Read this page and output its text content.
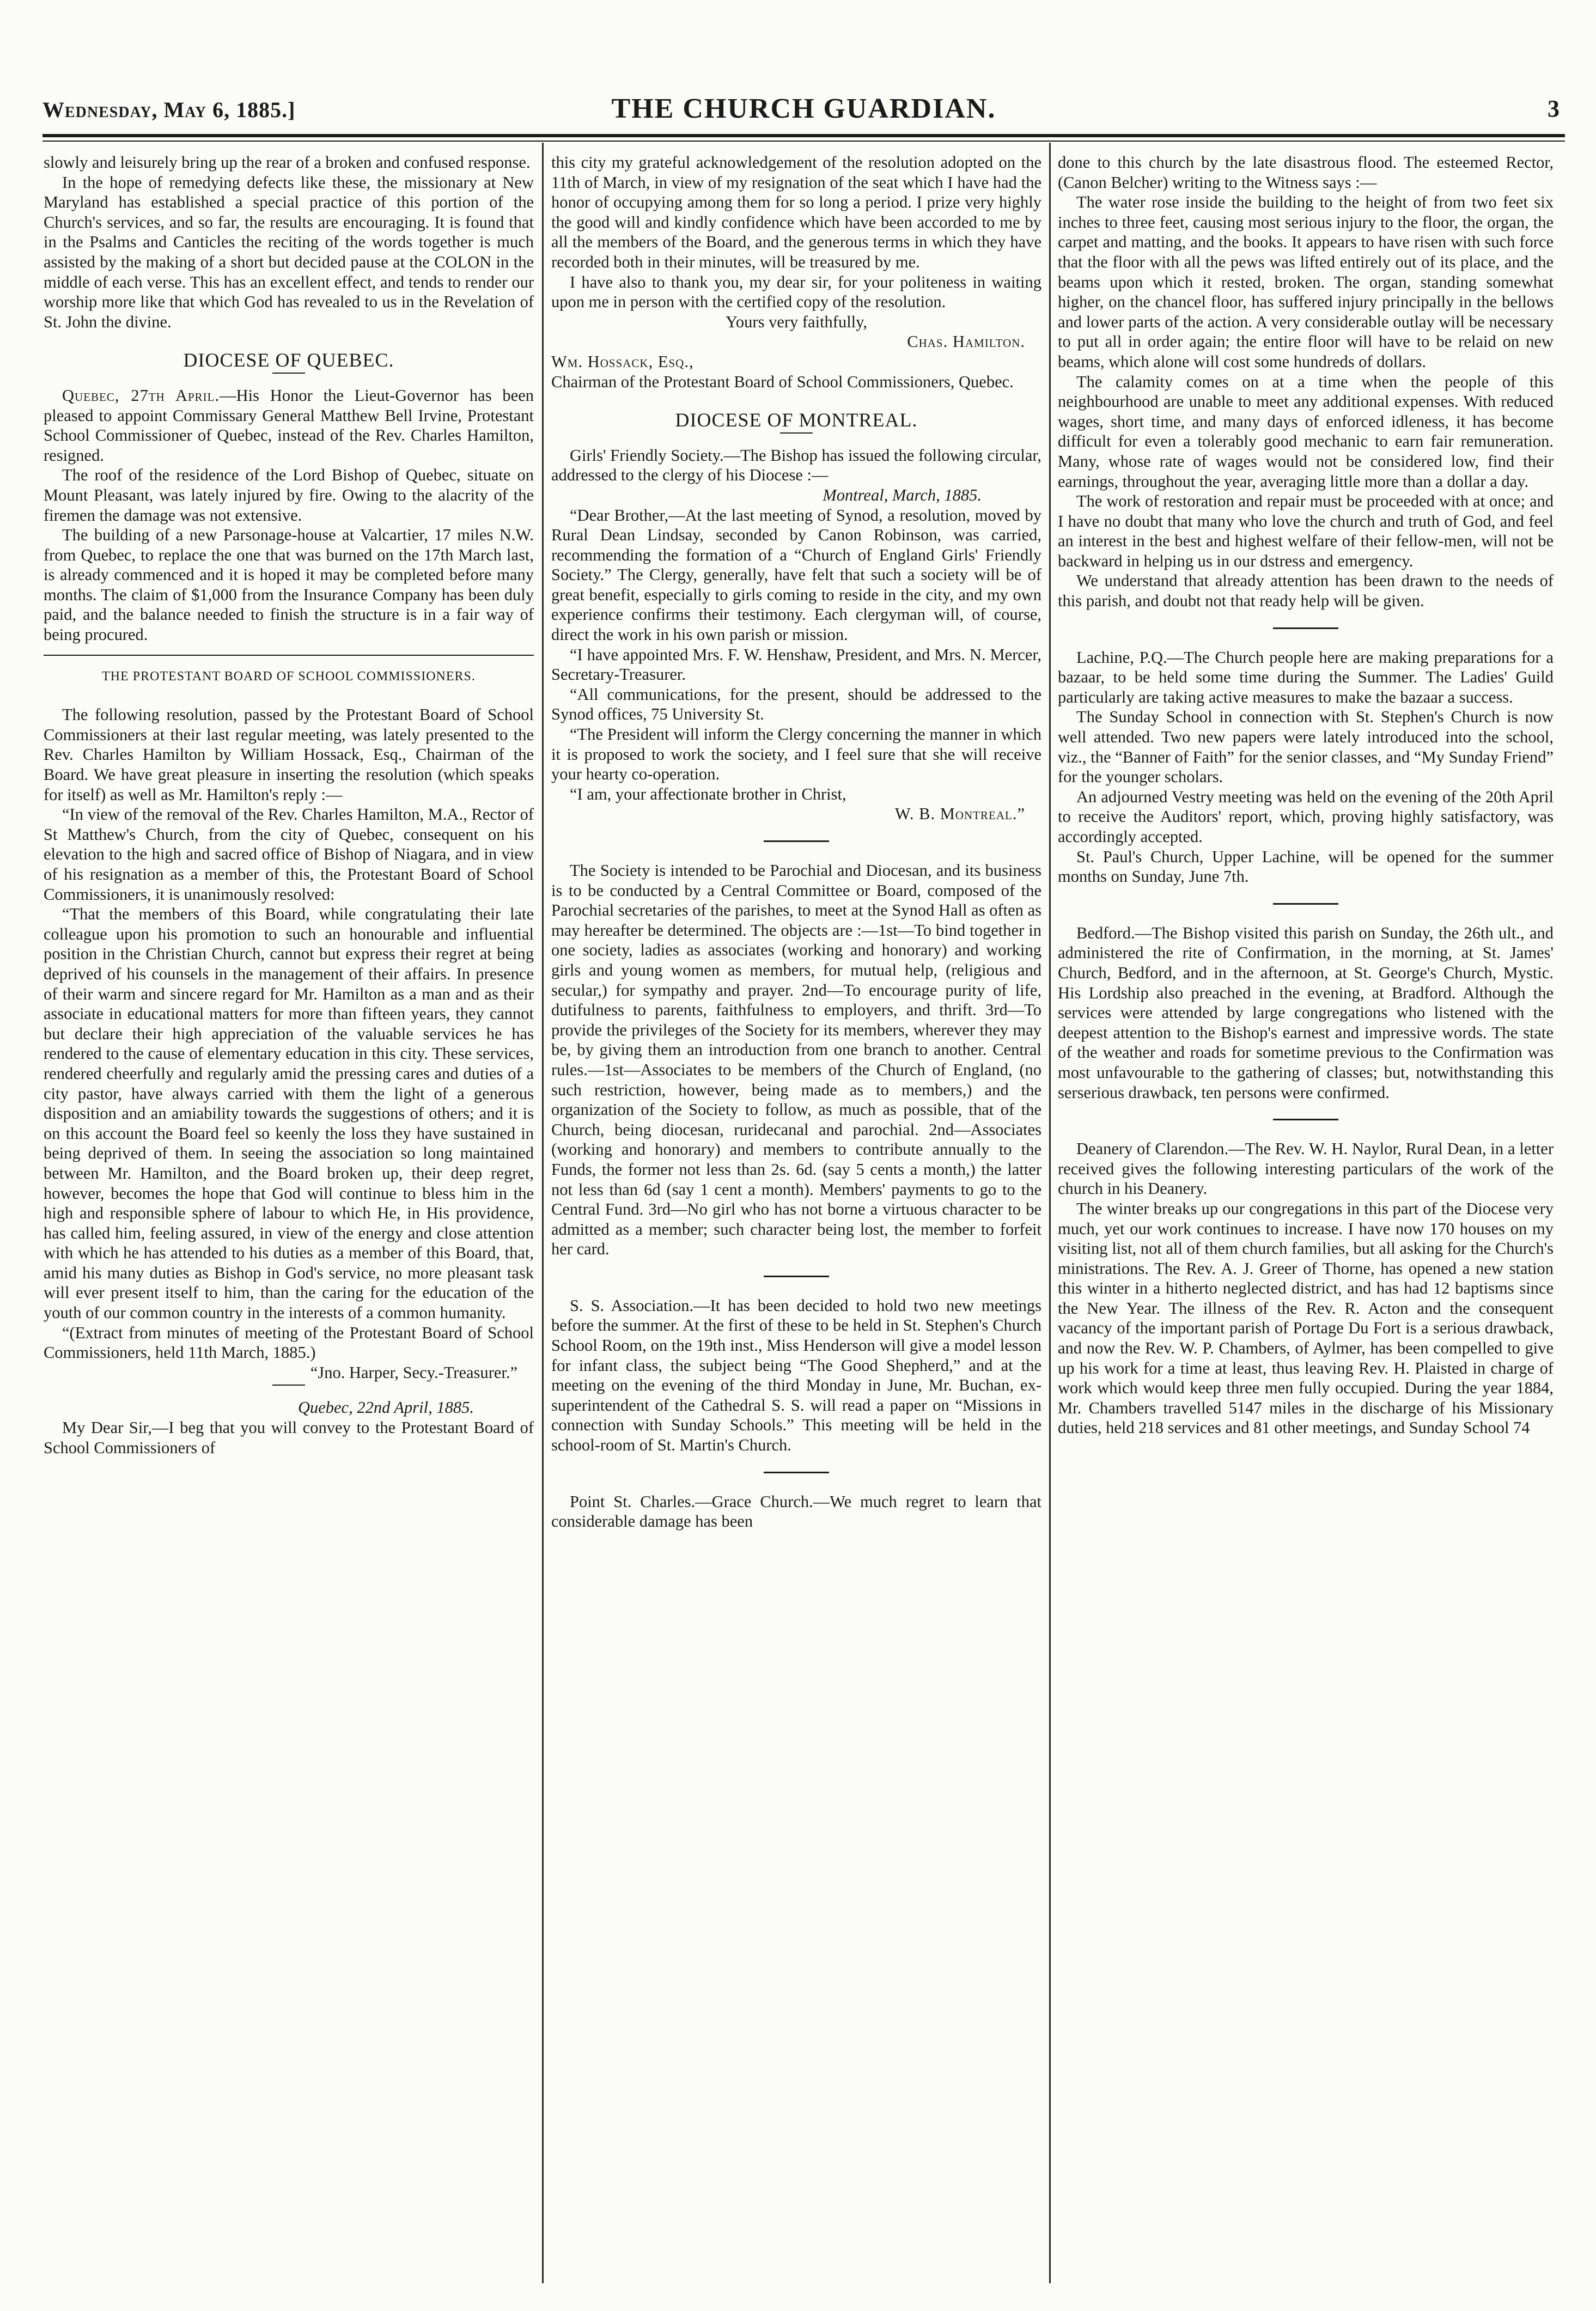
Wednesday, May 6, 1885.]	THE CHURCH GUARDIAN.	3

slowly and leisurely bring up the rear of a broken and confused response.

In the hope of remedying defects like these, the missionary at New Maryland has established a special practice of this portion of the Church's services, and so far, the results are encouraging. It is found that in the Psalms and Canticles the reciting of the words together is much assisted by the making of a short but decided pause at the COLON in the middle of each verse. This has an excellent effect, and tends to render our worship more like that which God has revealed to us in the Revelation of St. John the divine.

DIOCESE OF QUEBEC.

Quebec, 27th April.—His Honor the Lieut-Governor has been pleased to appoint Commissary General Matthew Bell Irvine, Protestant School Commissioner of Quebec, instead of the Rev. Charles Hamilton, resigned.

The roof of the residence of the Lord Bishop of Quebec, situate on Mount Pleasant, was lately injured by fire. Owing to the alacrity of the firemen the damage was not extensive.

The building of a new Parsonage-house at Valcartier, 17 miles N.W. from Quebec, to replace the one that was burned on the 17th March last, is already commenced and it is hoped it may be completed before many months. The claim of $1,000 from the Insurance Company has been duly paid, and the balance needed to finish the structure is in a fair way of being procured.

THE PROTESTANT BOARD OF SCHOOL COMMISSIONERS.

The following resolution, passed by the Protestant Board of School Commissioners at their last regular meeting, was lately presented to the Rev. Charles Hamilton by William Hossack, Esq., Chairman of the Board. We have great pleasure in inserting the resolution (which speaks for itself) as well as Mr. Hamilton's reply :—

“In view of the removal of the Rev. Charles Hamilton, M.A., Rector of St Matthew's Church, from the city of Quebec, consequent on his elevation to the high and sacred office of Bishop of Niagara, and in view of his resignation as a member of this, the Protestant Board of School Commissioners, it is unanimously resolved:

“That the members of this Board, while congratulating their late colleague upon his promotion to such an honourable and influential position in the Christian Church, cannot but express their regret at being deprived of his counsels in the management of their affairs. In presence of their warm and sincere regard for Mr. Hamilton as a man and as their associate in educational matters for more than fifteen years, they cannot but declare their high appreciation of the valuable services he has rendered to the cause of elementary education in this city. These services, rendered cheerfully and regularly amid the pressing cares and duties of a city pastor, have always carried with them the light of a generous disposition and an amiability towards the suggestions of others; and it is on this account the Board feel so keenly the loss they have sustained in being deprived of them. In seeing the association so long maintained between Mr. Hamilton, and the Board broken up, their deep regret, however, becomes the hope that God will continue to bless him in the high and responsible sphere of labour to which He, in His providence, has called him, feeling assured, in view of the energy and close attention with which he has attended to his duties as a member of this Board, that, amid his many duties as Bishop in God's service, no more pleasant task will ever present itself to him, than the caring for the education of the youth of our common country in the interests of a common humanity.

“(Extract from minutes of meeting of the Protestant Board of School Commissioners, held 11th March, 1885.)

“Jno. Harper, Secy.-Treasurer.”

Quebec, 22nd April, 1885.

My Dear Sir,—I beg that you will convey to the Protestant Board of School Commissioners of

this city my grateful acknowledgement of the resolution adopted on the 11th of March, in view of my resignation of the seat which I have had the honor of occupying among them for so long a period. I prize very highly the good will and kindly confidence which have been accorded to me by all the members of the Board, and the generous terms in which they have recorded both in their minutes, will be treasured by me.

I have also to thank you, my dear sir, for your politeness in waiting upon me in person with the certified copy of the resolution.

Yours very faithfully,

Chas. Hamilton.

Wm. Hossack, Esq.,

Chairman of the Protestant Board of School Commissioners, Quebec.

DIOCESE OF MONTREAL.

Girls' Friendly Society.—The Bishop has issued the following circular, addressed to the clergy of his Diocese :—

Montreal, March, 1885.

“Dear Brother,—At the last meeting of Synod, a resolution, moved by Rural Dean Lindsay, seconded by Canon Robinson, was carried, recommending the formation of a “Church of England Girls' Friendly Society.” The Clergy, generally, have felt that such a society will be of great benefit, especially to girls coming to reside in the city, and my own experience confirms their testimony. Each clergyman will, of course, direct the work in his own parish or mission.

“I have appointed Mrs. F. W. Henshaw, President, and Mrs. N. Mercer, Secretary-Treasurer.

“All communications, for the present, should be addressed to the Synod offices, 75 University St.

“The President will inform the Clergy concerning the manner in which it is proposed to work the society, and I feel sure that she will receive your hearty co-operation.

“I am, your affectionate brother in Christ,

W. B. Montreal.”

The Society is intended to be Parochial and Diocesan, and its business is to be conducted by a Central Committee or Board, composed of the Parochial secretaries of the parishes, to meet at the Synod Hall as often as may hereafter be determined. The objects are :—1st—To bind together in one society, ladies as associates (working and honorary) and working girls and young women as members, for mutual help, (religious and secular,) for sympathy and prayer. 2nd—To encourage purity of life, dutifulness to parents, faithfulness to employers, and thrift. 3rd—To provide the privileges of the Society for its members, wherever they may be, by giving them an introduction from one branch to another. Central rules.—1st—Associates to be members of the Church of England, (no such restriction, however, being made as to members,) and the organization of the Society to follow, as much as possible, that of the Church, being diocesan, ruridecanal and parochial. 2nd—Associates (working and honorary) and members to contribute annually to the Funds, the former not less than 2s. 6d. (say 5 cents a month,) the latter not less than 6d (say 1 cent a month). Members' payments to go to the Central Fund. 3rd—No girl who has not borne a virtuous character to be admitted as a member; such character being lost, the member to forfeit her card.

S. S. Association.—It has been decided to hold two new meetings before the summer. At the first of these to be held in St. Stephen's Church School Room, on the 19th inst., Miss Henderson will give a model lesson for infant class, the subject being “The Good Shepherd,” and at the meeting on the evening of the third Monday in June, Mr. Buchan, ex-superintendent of the Cathedral S. S. will read a paper on “Missions in connection with Sunday Schools.” This meeting will be held in the school-room of St. Martin's Church.

Point St. Charles.—Grace Church.—We much regret to learn that considerable damage has been

done to this church by the late disastrous flood. The esteemed Rector, (Canon Belcher) writing to the Witness says :—

The water rose inside the building to the height of from two feet six inches to three feet, causing most serious injury to the floor, the organ, the carpet and matting, and the books. It appears to have risen with such force that the floor with all the pews was lifted entirely out of its place, and the beams upon which it rested, broken. The organ, standing somewhat higher, on the chancel floor, has suffered injury principally in the bellows and lower parts of the action. A very considerable outlay will be necessary to put all in order again; the entire floor will have to be relaid on new beams, which alone will cost some hundreds of dollars.

The calamity comes on at a time when the people of this neighbourhood are unable to meet any additional expenses. With reduced wages, short time, and many days of enforced idleness, it has become difficult for even a tolerably good mechanic to earn fair remuneration. Many, whose rate of wages would not be considered low, find their earnings, throughout the year, averaging little more than a dollar a day.

The work of restoration and repair must be proceeded with at once; and I have no doubt that many who love the church and truth of God, and feel an interest in the best and highest welfare of their fellow-men, will not be backward in helping us in our dstress and emergency.

We understand that already attention has been drawn to the needs of this parish, and doubt not that ready help will be given.

Lachine, P.Q.—The Church people here are making preparations for a bazaar, to be held some time during the Summer. The Ladies' Guild particularly are taking active measures to make the bazaar a success.

The Sunday School in connection with St. Stephen's Church is now well attended. Two new papers were lately introduced into the school, viz., the “Banner of Faith” for the senior classes, and “My Sunday Friend” for the younger scholars.

An adjourned Vestry meeting was held on the evening of the 20th April to receive the Auditors' report, which, proving highly satisfactory, was accordingly accepted.

St. Paul's Church, Upper Lachine, will be opened for the summer months on Sunday, June 7th.

Bedford.—The Bishop visited this parish on Sunday, the 26th ult., and administered the rite of Confirmation, in the morning, at St. James' Church, Bedford, and in the afternoon, at St. George's Church, Mystic. His Lordship also preached in the evening, at Bradford. Although the services were attended by large congregations who listened with the deepest attention to the Bishop's earnest and impressive words. The state of the weather and roads for sometime previous to the Confirmation was most unfavourable to the gathering of classes; but, notwithstanding this serserious drawback, ten persons were confirmed.

Deanery of Clarendon.—The Rev. W. H. Naylor, Rural Dean, in a letter received gives the following interesting particulars of the work of the church in his Deanery.

The winter breaks up our congregations in this part of the Diocese very much, yet our work continues to increase. I have now 170 houses on my visiting list, not all of them church families, but all asking for the Church's ministrations. The Rev. A. J. Greer of Thorne, has opened a new station this winter in a hitherto neglected district, and has had 12 baptisms since the New Year. The illness of the Rev. R. Acton and the consequent vacancy of the important parish of Portage Du Fort is a serious drawback, and now the Rev. W. P. Chambers, of Aylmer, has been compelled to give up his work for a time at least, thus leaving Rev. H. Plaisted in charge of work which would keep three men fully occupied. During the year 1884, Mr. Chambers travelled 5147 miles in the discharge of his Missionary duties, held 218 services and 81 other meetings, and Sunday School 74
